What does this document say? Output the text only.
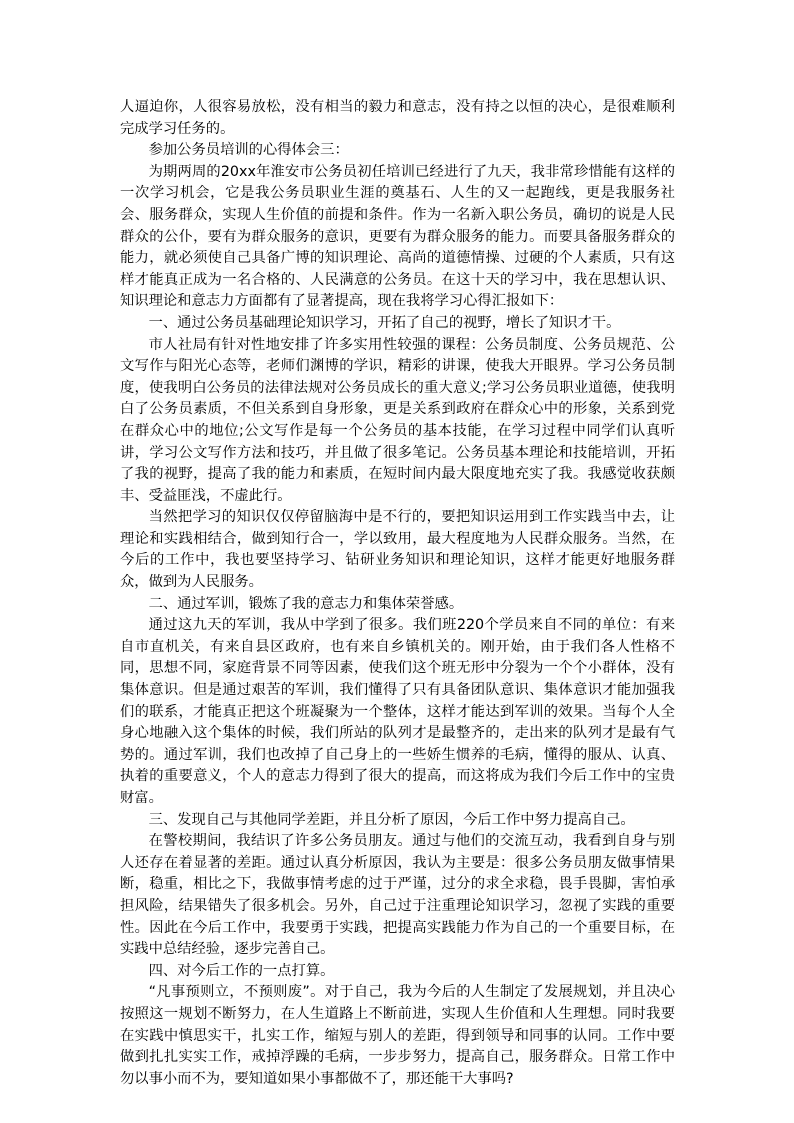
人逼迫你，人很容易放松，没有相当的毅力和意志，没有持之以恒的决心，是很难顺利完成学习任务的。

参加公务员培训的心得体会三：

为期两周的20xx年淮安市公务员初任培训已经进行了九天，我非常珍惜能有这样的一次学习机会，它是我公务员职业生涯的奠基石、人生的又一起跑线，更是我服务社会、服务群众，实现人生价值的前提和条件。作为一名新入职公务员，确切的说是人民群众的公仆，要有为群众服务的意识，更要有为群众服务的能力。而要具备服务群众的能力，就必须使自己具备广博的知识理论、高尚的道德情操、过硬的个人素质，只有这样才能真正成为一名合格的、人民满意的公务员。在这十天的学习中，我在思想认识、知识理论和意志力方面都有了显著提高，现在我将学习心得汇报如下：

一、通过公务员基础理论知识学习，开拓了自己的视野，增长了知识才干。

市人社局有针对性地安排了许多实用性较强的课程：公务员制度、公务员规范、公文写作与阳光心态等，老师们渊博的学识，精彩的讲课，使我大开眼界。学习公务员制度，使我明白公务员的法律法规对公务员成长的重大意义;学习公务员职业道德，使我明白了公务员素质，不但关系到自身形象，更是关系到政府在群众心中的形象，关系到党在群众心中的地位;公文写作是每一个公务员的基本技能，在学习过程中同学们认真听讲，学习公文写作方法和技巧，并且做了很多笔记。公务员基本理论和技能培训，开拓了我的视野，提高了我的能力和素质，在短时间内最大限度地充实了我。我感觉收获颇丰、受益匪浅，不虚此行。

当然把学习的知识仅仅停留脑海中是不行的，要把知识运用到工作实践当中去，让理论和实践相结合，做到知行合一，学以致用，最大程度地为人民群众服务。当然，在今后的工作中，我也要坚持学习、钻研业务知识和理论知识，这样才能更好地服务群众，做到为人民服务。

二、通过军训，锻炼了我的意志力和集体荣誉感。

通过这九天的军训，我从中学到了很多。我们班220个学员来自不同的单位：有来自市直机关，有来自县区政府，也有来自乡镇机关的。刚开始，由于我们各人性格不同，思想不同，家庭背景不同等因素，使我们这个班无形中分裂为一个个小群体，没有集体意识。但是通过艰苦的军训，我们懂得了只有具备团队意识、集体意识才能加强我们的联系，才能真正把这个班凝聚为一个整体，这样才能达到军训的效果。当每个人全身心地融入这个集体的时候，我们所站的队列才是最整齐的，走出来的队列才是最有气势的。通过军训，我们也改掉了自己身上的一些娇生惯养的毛病，懂得的服从、认真、执着的重要意义，个人的意志力得到了很大的提高，而这将成为我们今后工作中的宝贵财富。

三、发现自己与其他同学差距，并且分析了原因，今后工作中努力提高自己。

在警校期间，我结识了许多公务员朋友。通过与他们的交流互动，我看到自身与别人还存在着显著的差距。通过认真分析原因，我认为主要是：很多公务员朋友做事情果断，稳重，相比之下，我做事情考虑的过于严谨，过分的求全求稳，畏手畏脚，害怕承担风险，结果错失了很多机会。另外，自己过于注重理论知识学习，忽视了实践的重要性。因此在今后工作中，我要勇于实践，把提高实践能力作为自己的一个重要目标，在实践中总结经验，逐步完善自己。

四、对今后工作的一点打算。

“凡事预则立，不预则废”。对于自己，我为今后的人生制定了发展规划，并且决心按照这一规划不断努力，在人生道路上不断前进，实现人生价值和人生理想。同时我要在实践中慎思实干，扎实工作，缩短与别人的差距，得到领导和同事的认同。工作中要做到扎扎实实工作，戒掉浮躁的毛病，一步步努力，提高自己，服务群众。日常工作中勿以事小而不为，要知道如果小事都做不了，那还能干大事吗?
